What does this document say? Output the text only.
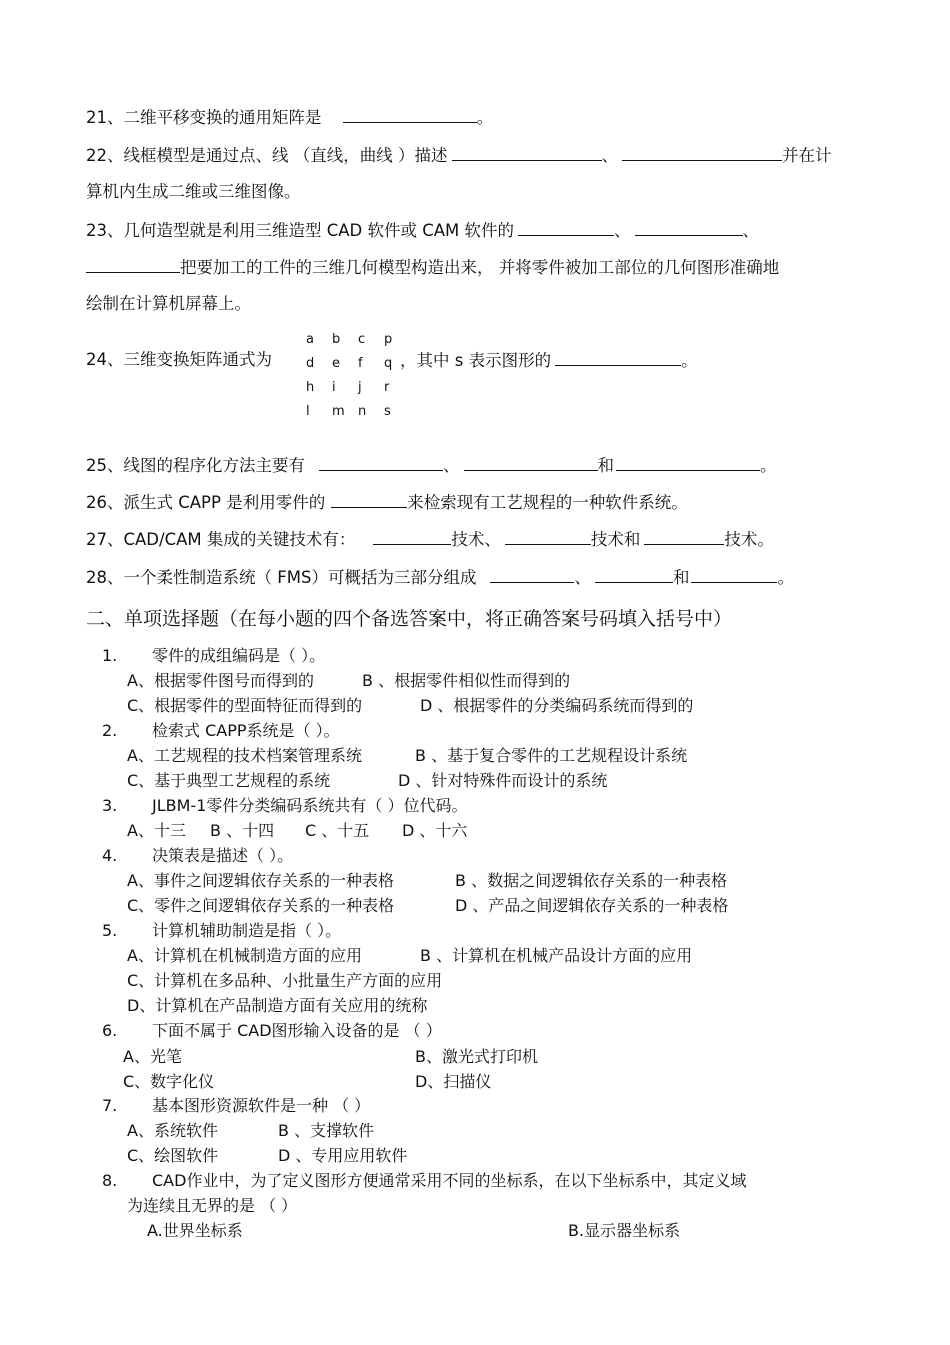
21、二维平移变换的通用矩阵是	。
22、线框模型是通过点、线 （直线，曲线 ）描述	、	并在计
算机内生成二维或三维图像。
23、几何造型就是利用三维造型 CAD 软件或 CAM 软件的	、	、
把要加工的工件的三维几何模型构造出来， 并将零件被加工部位的几何图形准确地
绘制在计算机屏幕上。
24、三维变换矩阵通式为
a	b	c	p
d	e	f	q
h	i	j	r
l	m	n	s
，其中 s 表示图形的	。
25、线图的程序化方法主要有	、	和	。
26、派生式 CAPP 是利用零件的	来检索现有工艺规程的一种软件系统。
27、CAD/CAM 集成的关键技术有：	技术、	技术和	技术。
28、一个柔性制造系统（ FMS）可概括为三部分组成	、	和	。
二、单项选择题（在每小题的四个备选答案中，将正确答案号码填入括号中）
1. 零件的成组编码是（ ）。
A、根据零件图号而得到的	B 、根据零件相似性而得到的
C、根据零件的型面特征而得到的	D 、根据零件的分类编码系统而得到的
2. 检索式 CAPP系统是（ ）。
A、工艺规程的技术档案管理系统	B 、基于复合零件的工艺规程设计系统
C、基于典型工艺规程的系统	D 、针对特殊件而设计的系统
3. JLBM-1零件分类编码系统共有（ ）位代码。
A、十三 B 、十四 C 、十五 D 、十六
4. 决策表是描述（ ）。
A、事件之间逻辑依存关系的一种表格	B 、数据之间逻辑依存关系的一种表格
C、零件之间逻辑依存关系的一种表格	D 、产品之间逻辑依存关系的一种表格
5. 计算机辅助制造是指（ ）。
A、计算机在机械制造方面的应用	B 、计算机在机械产品设计方面的应用
C、计算机在多品种、小批量生产方面的应用
D、计算机在产品制造方面有关应用的统称
6. 下面不属于 CAD图形输入设备的是 （ ）
A、光笔	B、激光式打印机
C、数字化仪	D、扫描仪
7. 基本图形资源软件是一种 （ ）
A、系统软件	B 、支撑软件
C、绘图软件	D 、专用应用软件
8. CAD作业中，为了定义图形方便通常采用不同的坐标系，在以下坐标系中，其定义域
为连续且无界的是 （ ）
A.世界坐标系	B.显示器坐标系
